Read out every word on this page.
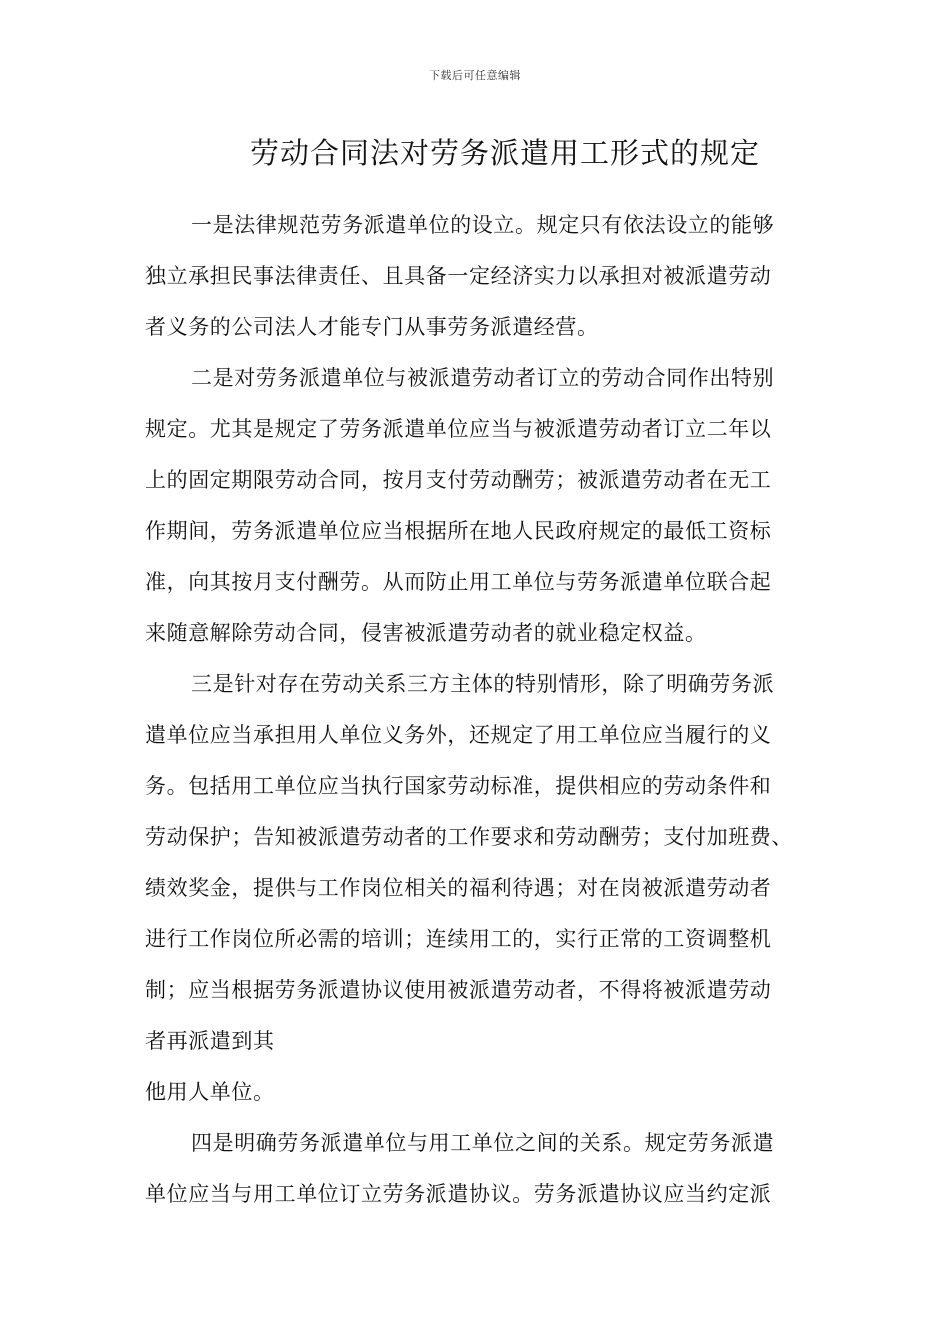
下载后可任意编辑
劳动合同法对劳务派遣用工形式的规定
一是法律规范劳务派遣单位的设立。规定只有依法设立的能够
独立承担民事法律责任、且具备一定经济实力以承担对被派遣劳动
者义务的公司法人才能专门从事劳务派遣经营。
二是对劳务派遣单位与被派遣劳动者订立的劳动合同作出特别
规定。尤其是规定了劳务派遣单位应当与被派遣劳动者订立二年以
上的固定期限劳动合同，按月支付劳动酬劳；被派遣劳动者在无工
作期间，劳务派遣单位应当根据所在地人民政府规定的最低工资标
准，向其按月支付酬劳。从而防止用工单位与劳务派遣单位联合起
来随意解除劳动合同，侵害被派遣劳动者的就业稳定权益。
三是针对存在劳动关系三方主体的特别情形，除了明确劳务派
遣单位应当承担用人单位义务外，还规定了用工单位应当履行的义
务。包括用工单位应当执行国家劳动标准，提供相应的劳动条件和
劳动保护；告知被派遣劳动者的工作要求和劳动酬劳；支付加班费、
绩效奖金，提供与工作岗位相关的福利待遇；对在岗被派遣劳动者
进行工作岗位所必需的培训；连续用工的，实行正常的工资调整机
制；应当根据劳务派遣协议使用被派遣劳动者，不得将被派遣劳动
者再派遣到其
他用人单位。
四是明确劳务派遣单位与用工单位之间的关系。规定劳务派遣
单位应当与用工单位订立劳务派遣协议。劳务派遣协议应当约定派
